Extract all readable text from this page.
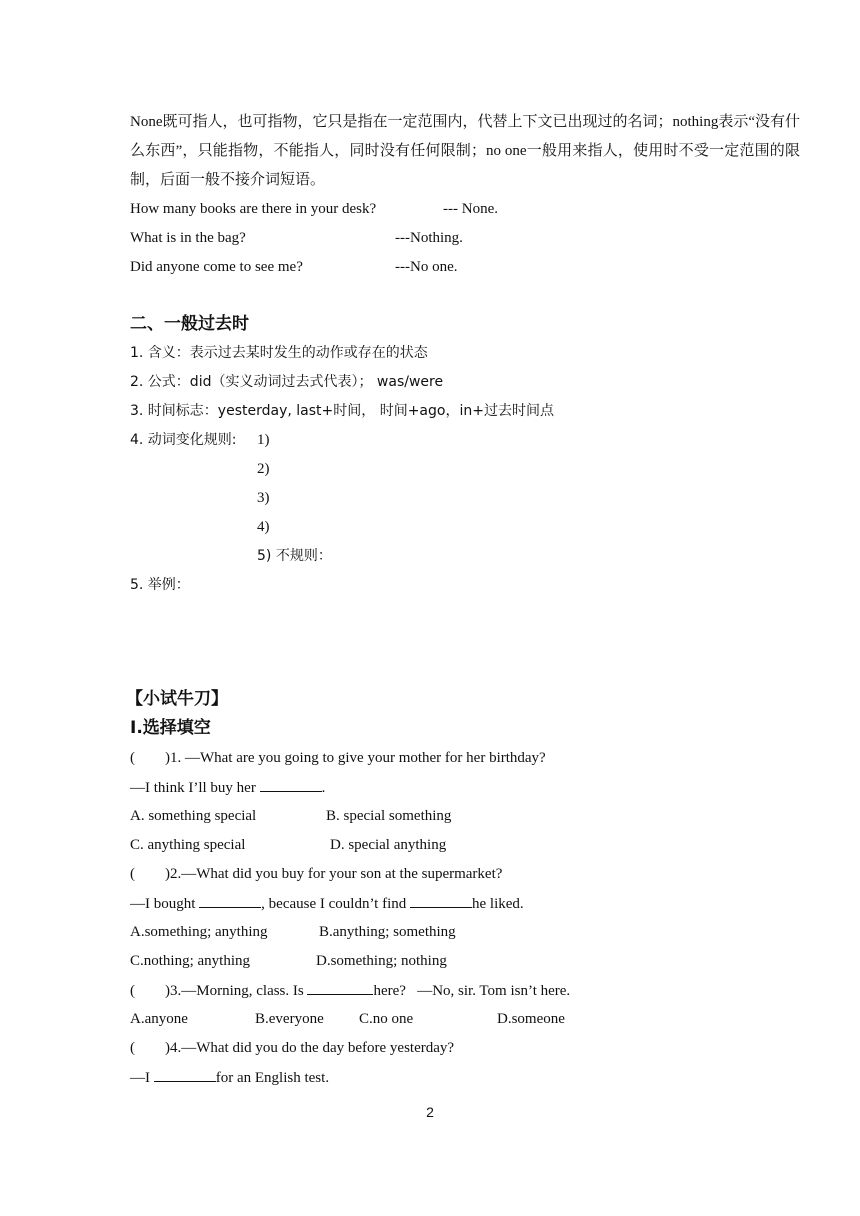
None既可指人，也可指物，它只是指在一定范围内，代替上下文已出现过的名词；nothing表示“没有什么东西”，只能指物，不能指人，同时没有任何限制；no one一般用来指人，使用时不受一定范围的限制，后面一般不接介词短语。
How many books are there in your desk?	--- None.
What is in the bag?	---Nothing.
Did anyone come to see me?	---No one.
二、一般过去时
1. 含义：表示过去某时发生的动作或存在的状态
2. 公式：did（实义动词过去式代表）； was/were
3. 时间标志：yesterday, last+时间， 时间+ago，in+过去时间点
4. 动词变化规则: 1)
2)
3)
4)
5) 不规则：
5. 举例：
【小试牛刀】
I.选择填空
(        )1. —What are you going to give your mother for her birthday?
—I think I’ll buy her	.
A. something special	B. special something
C. anything special	D. special anything
(        )2.—What did you buy for your son at the supermarket?
—I bought	, because I couldn’t find	he liked.
A.something; anything	B.anything; something
C.nothing; anything	D.something; nothing
(        )3.—Morning, class. Is	here?   —No, sir. Tom isn’t here.
A.anyone	B.everyone C.no one	D.someone
(        )4.—What did you do the day before yesterday?
—I	for an English test.
2
